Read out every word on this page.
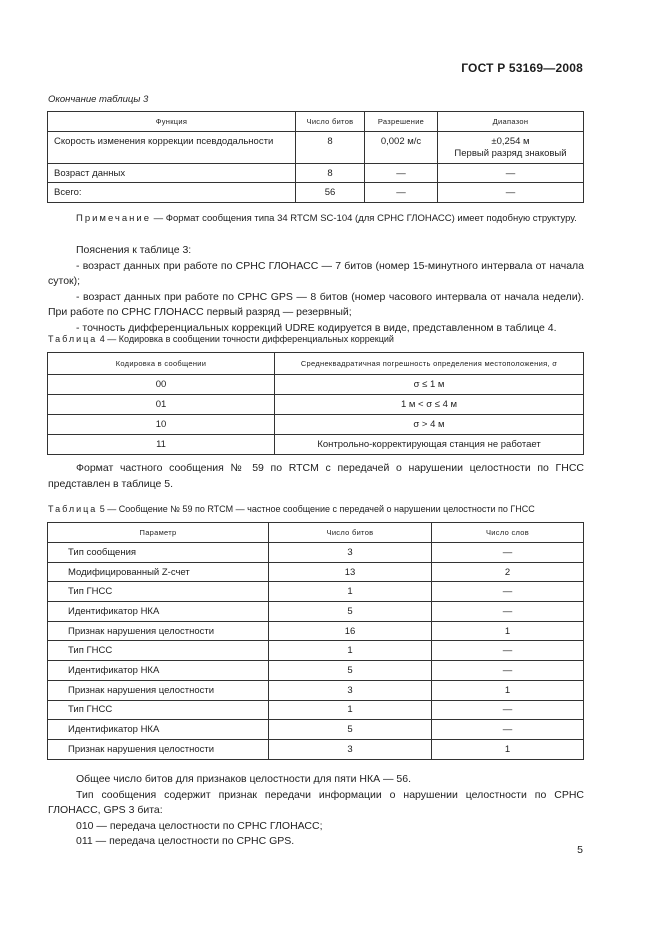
ГОСТ Р 53169—2008
Окончание таблицы 3
Функция	Число битов	Разрешение	Диапазон
Скорость изменения коррекции псевдодальности	8	0,002 м/с	±0,254 м
Первый разряд знаковый

Возраст данных	8	—	—
Всего:	56	—	—
Примечание — Формат сообщения типа 34 RTCM SC-104 (для СРНС ГЛОНАСС) имеет подобную структуру.

Пояснения к таблице 3:

- возраст данных при работе по СРНС ГЛОНАСС — 7 битов (номер 15-минутного интервала от начала суток);

- возраст данных при работе по СРНС GPS — 8 битов (номер часового интервала от начала недели). При работе по СРНС ГЛОНАСС первый разряд — резервный;

- точность дифференциальных коррекций UDRE кодируется в виде, представленном в таблице 4.

Таблица 4 — Кодировка в сообщении точности дифференциальных коррекций
Кодировка в сообщении	Среднеквадратичная погрешность определения местоположения, σ
00	σ ≤ 1 м
01	1 м < σ ≤ 4 м
10	σ > 4 м
11	Контрольно-корректирующая станция не работает

Формат частного сообщения № 59 по RTCM с передачей о нарушении целостности по ГНСС представлен в таблице 5.

Таблица 5 — Сообщение № 59 по RTCM — частное сообщение с передачей о нарушении целостности по ГНСС
Параметр	Число битов	Число слов
Тип сообщения	3	—
Модифицированный Z-счет	13	2
Тип ГНСС	1	—
Идентификатор НКА	5	—
Признак нарушения целостности	16	1
Тип ГНСС	1	—
Идентификатор НКА	5	—
Признак нарушения целостности	3	1
Тип ГНСС	1	—
Идентификатор НКА	5	—
Признак нарушения целостности	3	1

Общее число битов для признаков целостности для пяти НКА — 56.

Тип сообщения содержит признак передачи информации о нарушении целостности по СРНС ГЛОНАСС, GPS 3 бита:

010 — передача целостности по СРНС ГЛОНАСС;

011 — передача целостности по СРНС GPS.

5
